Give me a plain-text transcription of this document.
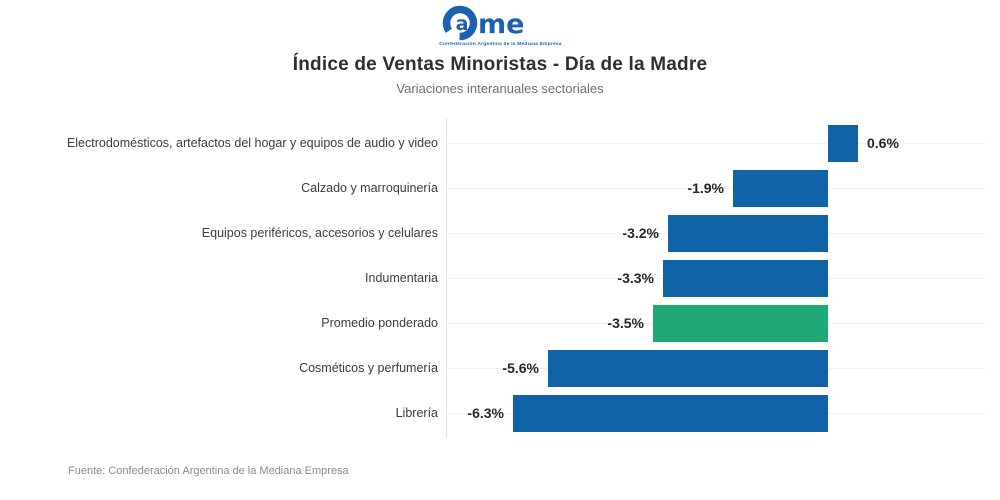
a me
Confederación Argentina de la Mediana Empresa
Índice de Ventas Minoristas - Día de la Madre
Variaciones interanuales sectoriales
Electrodomésticos, artefactos del hogar y equipos de audio y video	0.6%
Calzado y marroquinería	-1.9%
Equipos periféricos, accesorios y celulares	-3.2%
Indumentaria	-3.3%
Promedio ponderado	-3.5%
Cosméticos y perfumería	-5.6%
Librería -6.3%
Fuente: Confederación Argentina de la Mediana Empresa
